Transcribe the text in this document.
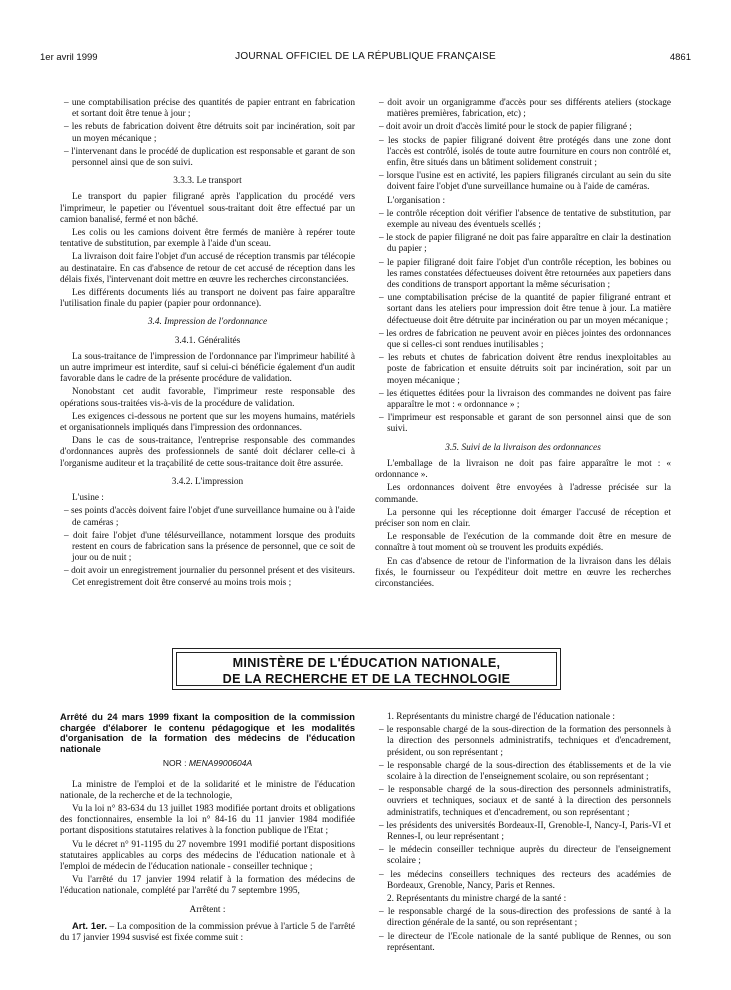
1er avril 1999	JOURNAL OFFICIEL DE LA RÉPUBLIQUE FRANÇAISE	4861

– une comptabilisation précise des quantités de papier entrant en fabrication et sortant doit être tenue à jour ;

– les rebuts de fabrication doivent être détruits soit par incinération, soit par un moyen mécanique ;

– l'intervenant dans le procédé de duplication est responsable et garant de son personnel ainsi que de son suivi.

3.3.3. Le transport

Le transport du papier filigrané après l'application du procédé vers l'imprimeur, le papetier ou l'éventuel sous-traitant doit être effectué par un camion banalisé, fermé et non bâché.

Les colis ou les camions doivent être fermés de manière à repérer toute tentative de substitution, par exemple à l'aide d'un sceau.

La livraison doit faire l'objet d'un accusé de réception transmis par télécopie au destinataire. En cas d'absence de retour de cet accusé de réception dans les délais fixés, l'intervenant doit mettre en œuvre les recherches circonstanciées.

Les différents documents liés au transport ne doivent pas faire apparaître l'utilisation finale du papier (papier pour ordonnance).

3.4. Impression de l'ordonnance
3.4.1. Généralités

La sous-traitance de l'impression de l'ordonnance par l'imprimeur habilité à un autre imprimeur est interdite, sauf si celui-ci bénéficie également d'un audit favorable dans le cadre de la présente procédure de validation.

Nonobstant cet audit favorable, l'imprimeur reste responsable des opérations sous-traitées vis-à-vis de la procédure de validation.

Les exigences ci-dessous ne portent que sur les moyens humains, matériels et organisationnels impliqués dans l'impression des ordonnances.

Dans le cas de sous-traitance, l'entreprise responsable des commandes d'ordonnances auprès des professionnels de santé doit déclarer celle-ci à l'organisme auditeur et la traçabilité de cette sous-traitance doit être assurée.

3.4.2. L'impression

L'usine :

– ses points d'accès doivent faire l'objet d'une surveillance humaine ou à l'aide de caméras ;

– doit faire l'objet d'une télésurveillance, notamment lorsque des produits restent en cours de fabrication sans la présence de personnel, que ce soit de jour ou de nuit ;

– doit avoir un enregistrement journalier du personnel présent et des visiteurs. Cet enregistrement doit être conservé au moins trois mois ;

– doit avoir un organigramme d'accès pour ses différents ateliers (stockage matières premières, fabrication, etc) ;

– doit avoir un droit d'accès limité pour le stock de papier filigrané ;

– les stocks de papier filigrané doivent être protégés dans une zone dont l'accès est contrôlé, isolés de toute autre fourniture en cours non contrôlé et, enfin, être situés dans un bâtiment solidement construit ;

– lorsque l'usine est en activité, les papiers filigranés circulant au sein du site doivent faire l'objet d'une surveillance humaine ou à l'aide de caméras.

L'organisation :

– le contrôle réception doit vérifier l'absence de tentative de substitution, par exemple au niveau des éventuels scellés ;

– le stock de papier filigrané ne doit pas faire apparaître en clair la destination du papier ;

– le papier filigrané doit faire l'objet d'un contrôle réception, les bobines ou les rames constatées défectueuses doivent être retournées aux papetiers dans des conditions de transport apportant la même sécurisation ;

– une comptabilisation précise de la quantité de papier filigrané entrant et sortant dans les ateliers pour impression doit être tenue à jour. La matière défectueuse doit être détruite par incinération ou par un moyen mécanique ;

– les ordres de fabrication ne peuvent avoir en pièces jointes des ordonnances que si celles-ci sont rendues inutilisables ;

– les rebuts et chutes de fabrication doivent être rendus inexploitables au poste de fabrication et ensuite détruits soit par incinération, soit par un moyen mécanique ;

– les étiquettes éditées pour la livraison des commandes ne doivent pas faire apparaître le mot : « ordonnance » ;

– l'imprimeur est responsable et garant de son personnel ainsi que de son suivi.

3.5. Suivi de la livraison des ordonnances

L'emballage de la livraison ne doit pas faire apparaître le mot : « ordonnance ».

Les ordonnances doivent être envoyées à l'adresse précisée sur la commande.

La personne qui les réceptionne doit émarger l'accusé de réception et préciser son nom en clair.

Le responsable de l'exécution de la commande doit être en mesure de connaître à tout moment où se trouvent les produits expédiés.

En cas d'absence de retour de l'information de la livraison dans les délais fixés, le fournisseur ou l'expéditeur doit mettre en œuvre les recherches circonstanciées.

MINISTÈRE DE L'ÉDUCATION NATIONALE,
DE LA RECHERCHE ET DE LA TECHNOLOGIE
Arrêté du 24 mars 1999 fixant la composition de la commission chargée d'élaborer le contenu pédagogique et les modalités d'organisation de la formation des médecins de l'éducation nationale
NOR : MENA9900604A

La ministre de l'emploi et de la solidarité et le ministre de l'éducation nationale, de la recherche et de la technologie,

Vu la loi n° 83-634 du 13 juillet 1983 modifiée portant droits et obligations des fonctionnaires, ensemble la loi n° 84-16 du 11 janvier 1984 modifiée portant dispositions statutaires relatives à la fonction publique de l'Etat ;

Vu le décret n° 91-1195 du 27 novembre 1991 modifié portant dispositions statutaires applicables au corps des médecins de l'éducation nationale et à l'emploi de médecin de l'éducation nationale - conseiller technique ;

Vu l'arrêté du 17 janvier 1994 relatif à la formation des médecins de l'éducation nationale, complété par l'arrêté du 7 septembre 1995,

Arrêtent :

Art. 1er. – La composition de la commission prévue à l'article 5 de l'arrêté du 17 janvier 1994 susvisé est fixée comme suit :

1. Représentants du ministre chargé de l'éducation nationale :

– le responsable chargé de la sous-direction de la formation des personnels à la direction des personnels administratifs, techniques et d'encadrement, président, ou son représentant ;

– le responsable chargé de la sous-direction des établissements et de la vie scolaire à la direction de l'enseignement scolaire, ou son représentant ;

– le responsable chargé de la sous-direction des personnels administratifs, ouvriers et techniques, sociaux et de santé à la direction des personnels administratifs, techniques et d'encadrement, ou son représentant ;

– les présidents des universités Bordeaux-II, Grenoble-I, Nancy-I, Paris-VI et Rennes-I, ou leur représentant ;

– le médecin conseiller technique auprès du directeur de l'enseignement scolaire ;

– les médecins conseillers techniques des recteurs des académies de Bordeaux, Grenoble, Nancy, Paris et Rennes.

2. Représentants du ministre chargé de la santé :

– le responsable chargé de la sous-direction des professions de santé à la direction générale de la santé, ou son représentant ;

– le directeur de l'Ecole nationale de la santé publique de Rennes, ou son représentant.
